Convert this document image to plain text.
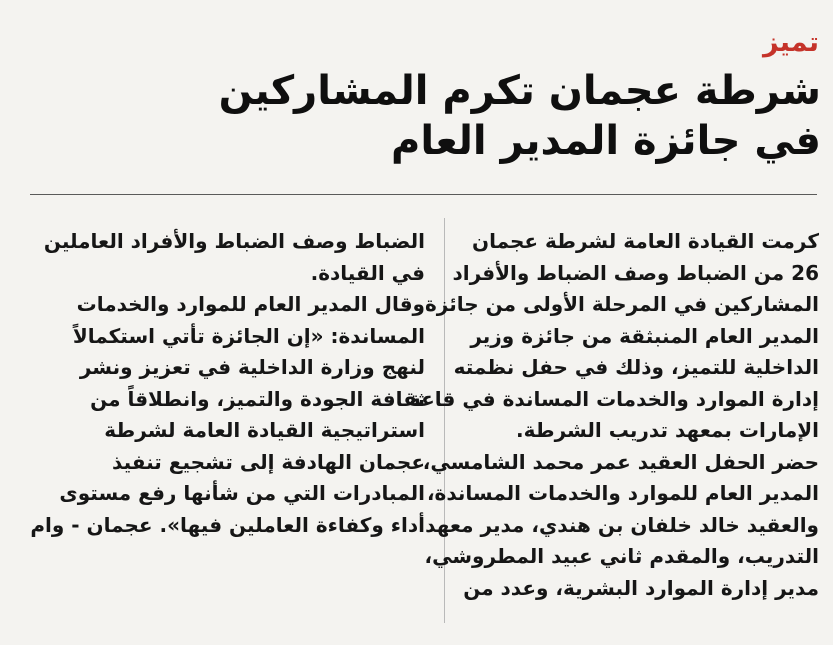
تميز
شرطة عجمان تكرم المشاركين
في جائزة المدير العام
كرمت القيادة العامة لشرطة عجمان
26 من الضباط وصف الضباط والأفراد
المشاركين في المرحلة الأولى من جائزة
المدير العام المنبثقة من جائزة وزير
الداخلية للتميز، وذلك في حفل نظمته
إدارة الموارد والخدمات المساندة في قاعة
الإمارات بمعهد تدريب الشرطة.
حضر الحفل العقيد عمر محمد الشامسي،
المدير العام للموارد والخدمات المساندة،
والعقيد خالد خلفان بن هندي، مدير معهد
التدريب، والمقدم ثاني عبيد المطروشي،
مدير إدارة الموارد البشرية، وعدد من
الضباط وصف الضباط والأفراد العاملين
في القيادة.
وقال المدير العام للموارد والخدمات
المساندة: «إن الجائزة تأتي استكمالاً
لنهج وزارة الداخلية في تعزيز ونشر
ثقافة الجودة والتميز، وانطلاقاً من
استراتيجية القيادة العامة لشرطة
عجمان الهادفة إلى تشجيع تنفيذ
المبادرات التي من شأنها رفع مستوى
أداء وكفاءة العاملين فيها». عجمان - وام
